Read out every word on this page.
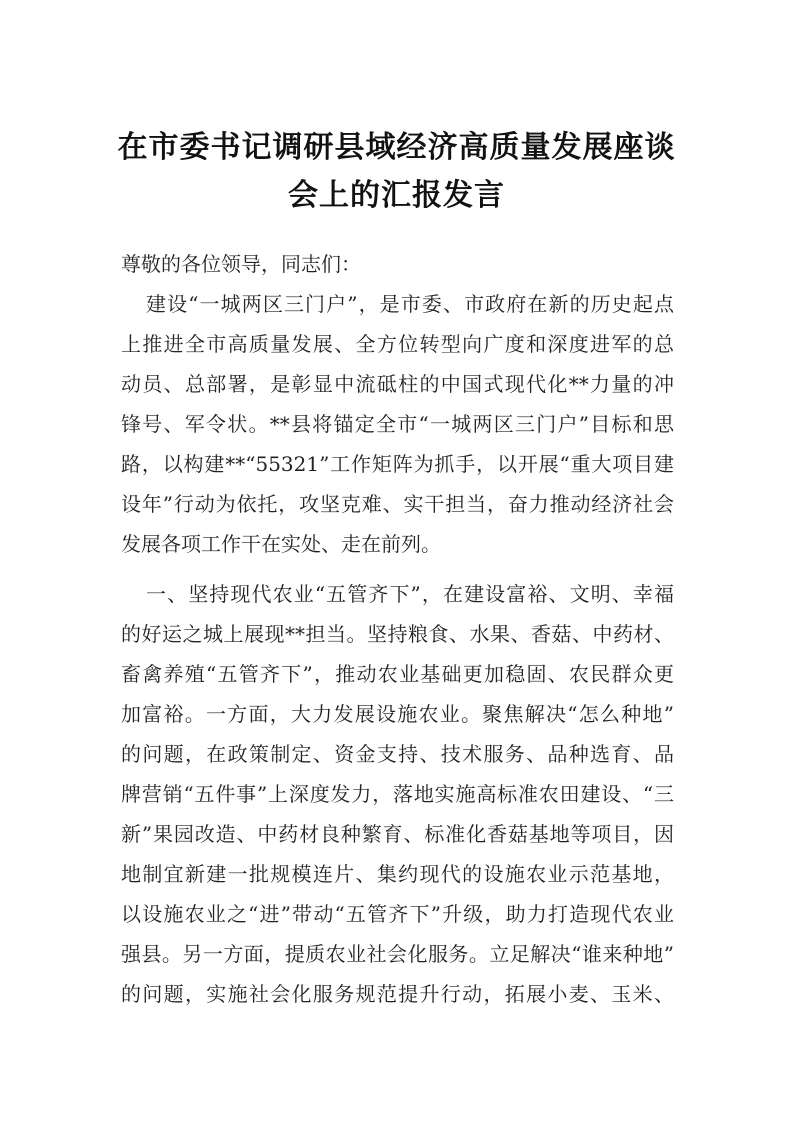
在市委书记调研县域经济高质量发展座谈
会上的汇报发言
尊敬的各位领导，同志们：
建设“一城两区三门户”，是市委、市政府在新的历史起点
上推进全市高质量发展、全方位转型向广度和深度进军的总
动员、总部署，是彰显中流砥柱的中国式现代化**力量的冲
锋号、军令状。**县将锚定全市“一城两区三门户”目标和思
路，以构建**“55321”工作矩阵为抓手，以开展“重大项目建
设年”行动为依托，攻坚克难、实干担当，奋力推动经济社会
发展各项工作干在实处、走在前列。
一、坚持现代农业“五管齐下”，在建设富裕、文明、幸福
的好运之城上展现**担当。坚持粮食、水果、香菇、中药材、
畜禽养殖“五管齐下”，推动农业基础更加稳固、农民群众更
加富裕。一方面，大力发展设施农业。聚焦解决“怎么种地”
的问题，在政策制定、资金支持、技术服务、品种选育、品
牌营销“五件事”上深度发力，落地实施高标准农田建设、“三
新”果园改造、中药材良种繁育、标准化香菇基地等项目，因
地制宜新建一批规模连片、集约现代的设施农业示范基地，
以设施农业之“进”带动“五管齐下”升级，助力打造现代农业
强县。另一方面，提质农业社会化服务。立足解决“谁来种地”
的问题，实施社会化服务规范提升行动，拓展小麦、玉米、
